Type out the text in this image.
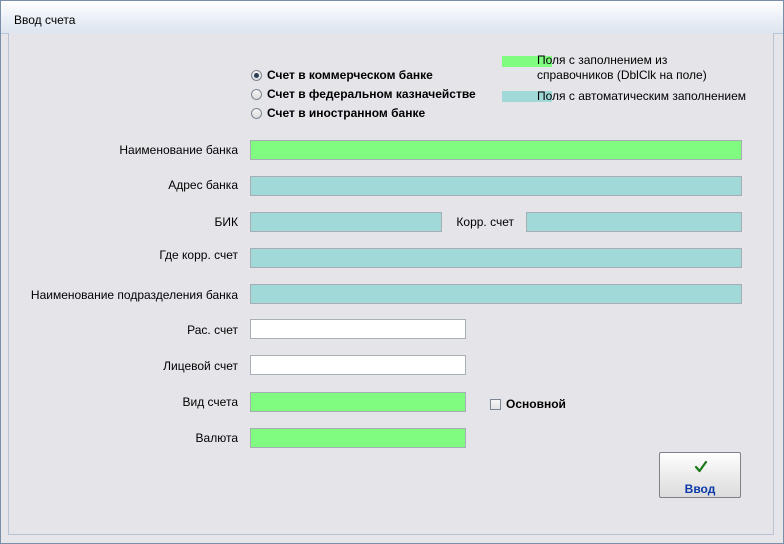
Ввод счета
Счет в коммерческом банке
Счет в федеральном казначействе
Счет в иностранном банке
Поля с заполнением из справочников (DblClk на поле)
Поля с автоматическим заполнением
Наименование банка
Адрес банка
БИК	Корр. счет
Где корр. счет
Наименование подразделения банка
Рас. счет
Лицевой счет
Вид счета	Основной
Валюта
Ввод
